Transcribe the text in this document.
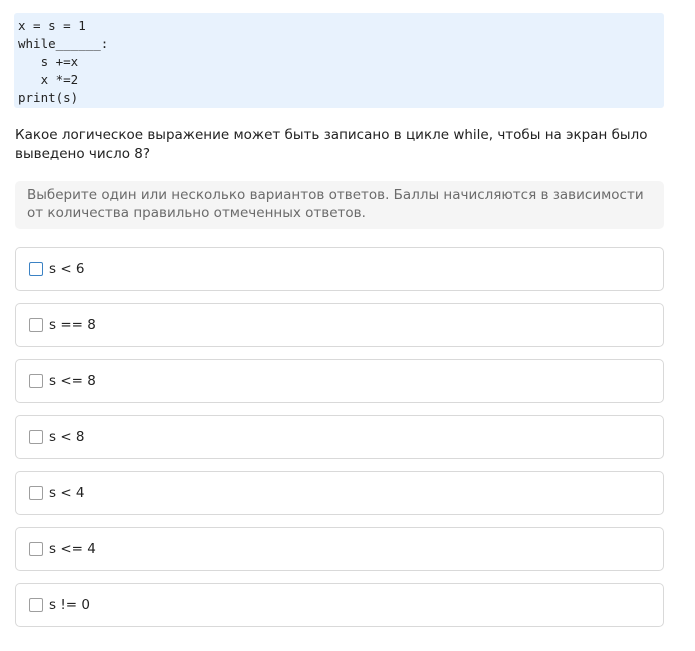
x = s = 1
while______:
s +=x
x *=2
print(s)
Какое логическое выражение может быть записано в цикле while, чтобы на экран было выведено число 8?
Выберите один или несколько вариантов ответов. Баллы начисляются в зависимости от количества правильно отмеченных ответов.
s < 6
s == 8
s <= 8
s < 8
s < 4
s <= 4
s != 0
